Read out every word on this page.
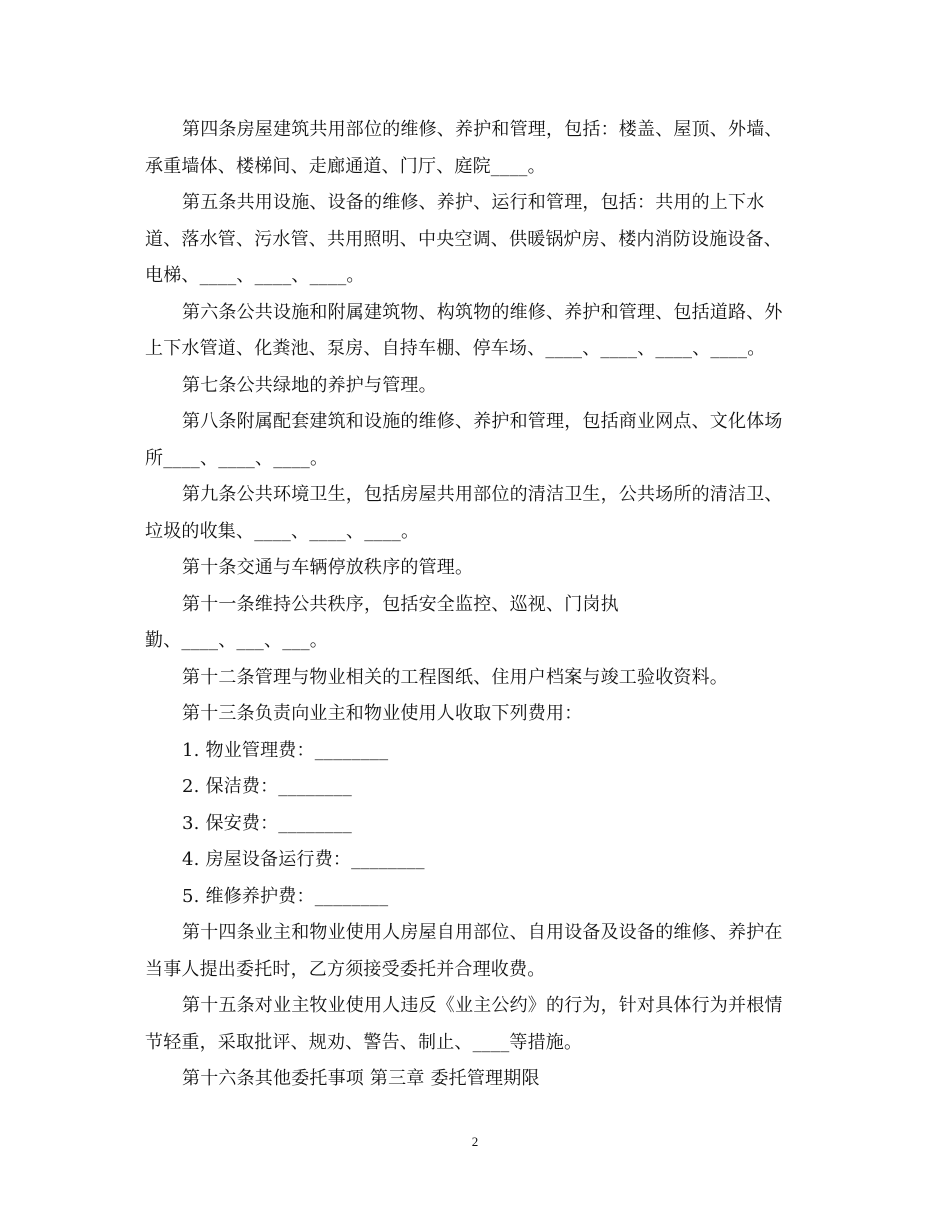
第四条房屋建筑共用部位的维修、养护和管理，包括：楼盖、屋顶、外墙、
承重墙体、楼梯间、走廊通道、门厅、庭院____。
第五条共用设施、设备的维修、养护、运行和管理，包括：共用的上下水
道、落水管、污水管、共用照明、中央空调、供暖锅炉房、楼内消防设施设备、
电梯、____、____、____。
第六条公共设施和附属建筑物、构筑物的维修、养护和管理、包括道路、外
上下水管道、化粪池、泵房、自持车棚、停车场、____、____、____、____。
第七条公共绿地的养护与管理。
第八条附属配套建筑和设施的维修、养护和管理，包括商业网点、文化体场
所____、____、____。
第九条公共环境卫生，包括房屋共用部位的清洁卫生，公共场所的清洁卫、
垃圾的收集、____、____、____。
第十条交通与车辆停放秩序的管理。
第十一条维持公共秩序，包括安全监控、巡视、门岗执
勤、____、___、___。
第十二条管理与物业相关的工程图纸、住用户档案与竣工验收资料。
第十三条负责向业主和物业使用人收取下列费用：
1. 物业管理费：________
2. 保洁费：________
3. 保安费：________
4. 房屋设备运行费：________
5. 维修养护费：________
第十四条业主和物业使用人房屋自用部位、自用设备及设备的维修、养护在
当事人提出委托时，乙方须接受委托并合理收费。
第十五条对业主牧业使用人违反《业主公约》的行为，针对具体行为并根情
节轻重，采取批评、规劝、警告、制止、____等措施。
第十六条其他委托事项 第三章 委托管理期限
2
